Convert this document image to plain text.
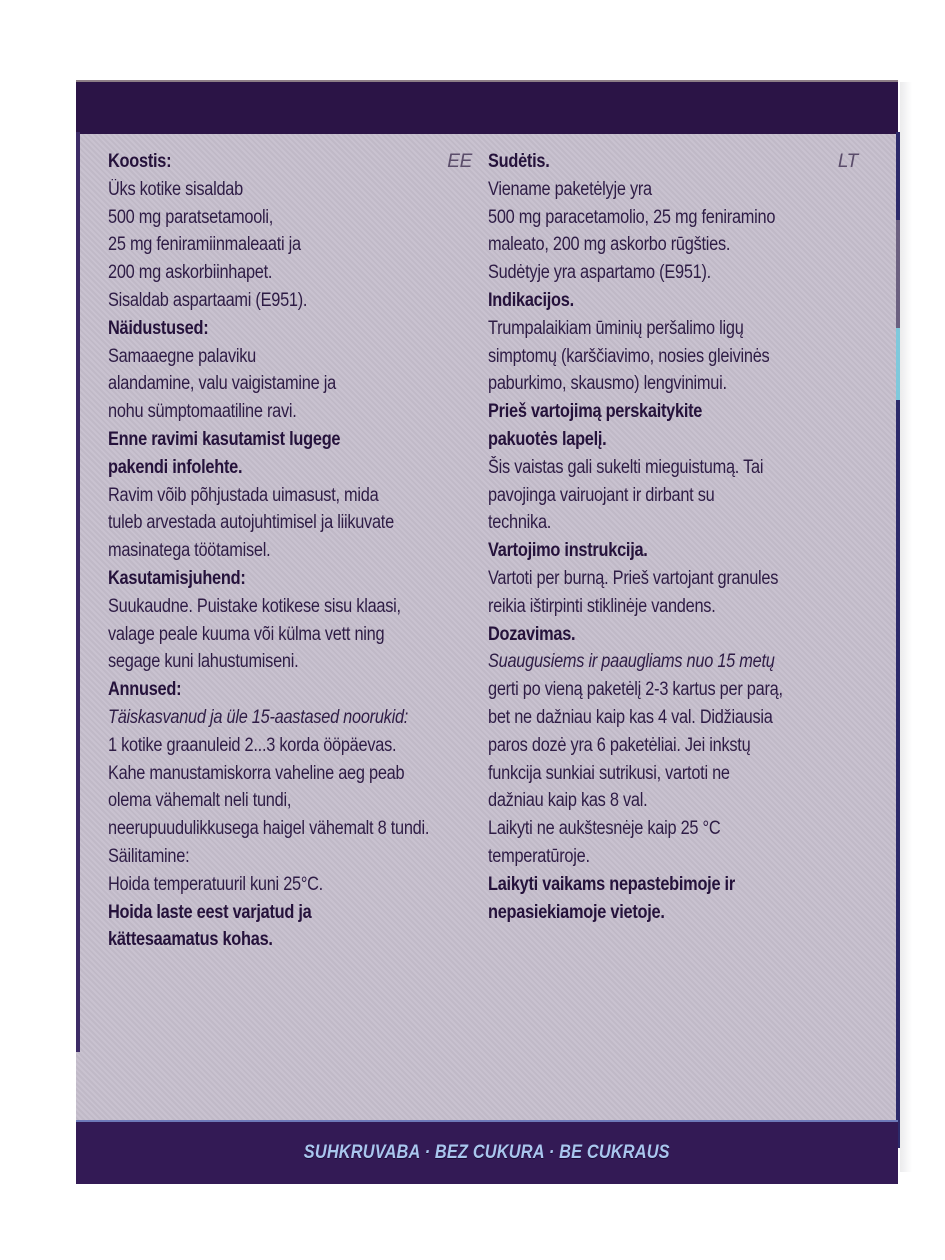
EE
Koostis:
Üks kotike sisaldab
500 mg paratsetamooli,
25 mg feniramiinmaleaati ja
200 mg askorbiinhapet.
Sisaldab aspartaami (E951).
Näidustused:
Samaaegne palaviku
alandamine, valu vaigistamine ja
nohu sümptomaatiline ravi.
Enne ravimi kasutamist lugege
pakendi infolehte.
Ravim võib põhjustada uimasust, mida
tuleb arvestada autojuhtimisel ja liikuvate
masinatega töötamisel.
Kasutamisjuhend:
Suukaudne. Puistake kotikese sisu klaasi,
valage peale kuuma või külma vett ning
segage kuni lahustumiseni.
Annused:
Täiskasvanud ja üle 15-aastased noorukid:
1 kotike graanuleid 2...3 korda ööpäevas.
Kahe manustamiskorra vaheline aeg peab
olema vähemalt neli tundi,
neerupuudulikkusega haigel vähemalt 8 tundi.
Säilitamine:
Hoida temperatuuril kuni 25°C.
Hoida laste eest varjatud ja
kättesaamatus kohas.
LT
Sudėtis.
Viename paketėlyje yra
500 mg paracetamolio, 25 mg feniramino
maleato, 200 mg askorbo rūgšties.
Sudėtyje yra aspartamo (E951).
Indikacijos.
Trumpalaikiam ūminių peršalimo ligų
simptomų (karščiavimo, nosies gleivinės
paburkimo, skausmo) lengvinimui.
Prieš vartojimą perskaitykite
pakuotės lapelį.
Šis vaistas gali sukelti mieguistumą. Tai
pavojinga vairuojant ir dirbant su
technika.
Vartojimo instrukcija.
Vartoti per burną. Prieš vartojant granules
reikia ištirpinti stiklinėje vandens.
Dozavimas.
Suaugusiems ir paaugliams nuo 15 metų
gerti po vieną paketėlį 2-3 kartus per parą,
bet ne dažniau kaip kas 4 val. Didžiausia
paros dozė yra 6 paketėliai. Jei inkstų
funkcija sunkiai sutrikusi, vartoti ne
dažniau kaip kas 8 val.
Laikyti ne aukštesnėje kaip 25 °C
temperatūroje.
Laikyti vaikams nepastebimoje ir
nepasiekiamoje vietoje.
SUHKRUVABA · BEZ CUKURA · BE CUKRAUS
